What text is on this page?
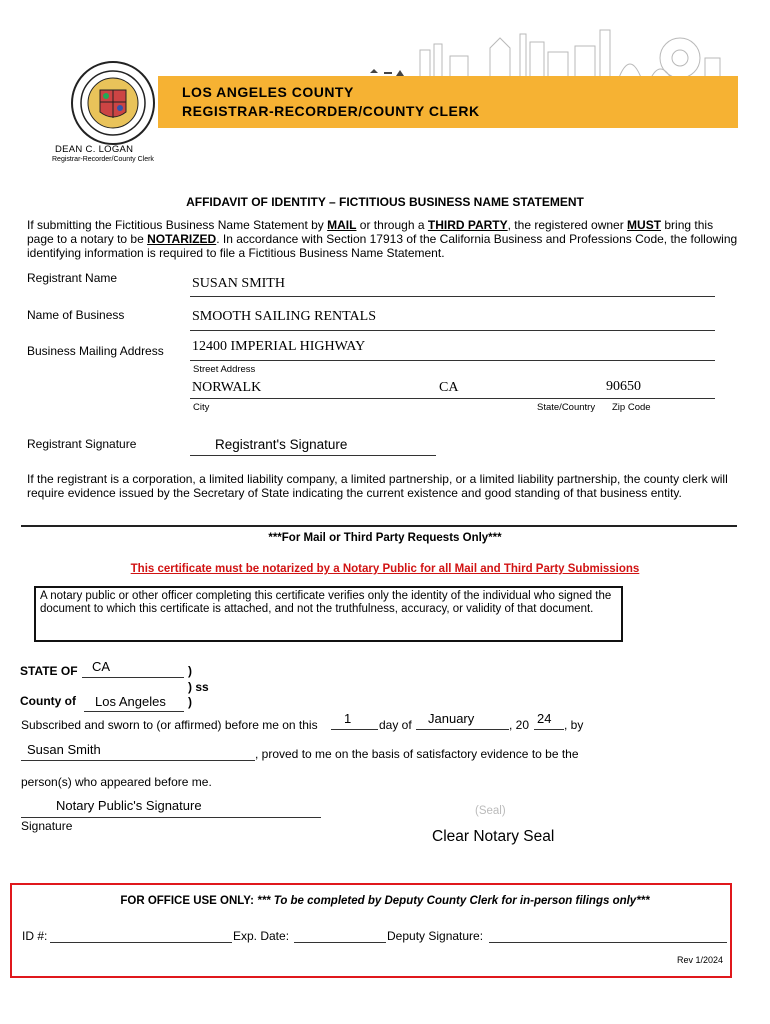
LOS ANGELES COUNTY
REGISTRAR-RECORDER/COUNTY CLERK
DEAN C. LOGAN
Registrar-Recorder/County Clerk
AFFIDAVIT OF IDENTITY – FICTITIOUS BUSINESS NAME STATEMENT
If submitting the Fictitious Business Name Statement by MAIL or through a THIRD PARTY, the registered owner MUST bring this page to a notary to be NOTARIZED. In accordance with Section 17913 of the California Business and Professions Code, the following identifying information is required to file a Fictitious Business Name Statement.
Registrant Name	SUSAN SMITH
Name of Business	SMOOTH SAILING RENTALS
Business Mailing Address 12400 IMPERIAL HIGHWAY
Street Address
NORWALK	CA	90650
City	State/Country Zip Code
Registrant Signature	Registrant's Signature
If the registrant is a corporation, a limited liability company, a limited partnership, or a limited liability partnership, the county clerk will require evidence issued by the Secretary of State indicating the current existence and good standing of that business entity.
***For Mail or Third Party Requests Only***
This certificate must be notarized by a Notary Public for all Mail and Third Party Submissions
A notary public or other officer completing this certificate verifies only the identity of the individual who signed the document to which this certificate is attached, and not the truthfulness, accuracy, or validity of that document.
STATE OF CA	)
) ss
County of Los Angeles )
Subscribed and sworn to (or affirmed) before me on this 1 day of January	, 20 24 , by
Susan Smith	, proved to me on the basis of satisfactory evidence to be the
person(s) who appeared before me.
Notary Public's Signature
Signature
(Seal)
Clear Notary Seal
FOR OFFICE USE ONLY: *** To be completed by Deputy County Clerk for in-person filings only***
ID #:	Exp. Date:	Deputy Signature:
Rev 1/2024
